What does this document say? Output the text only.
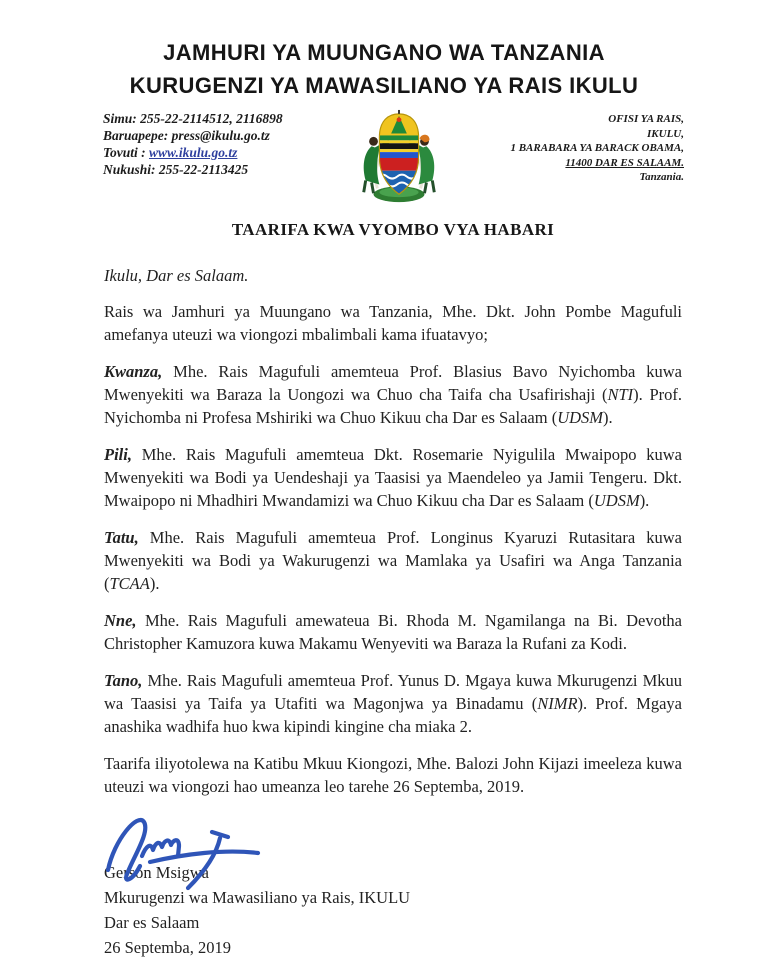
JAMHURI YA MUUNGANO WA TANZANIA
KURUGENZI YA MAWASILIANO YA RAIS IKULU
Simu: 255-22-2114512, 2116898
Baruapepe: press@ikulu.go.tz
Tovuti : www.ikulu.go.tz
Nukushi: 255-22-2113425
OFISI YA RAIS,
IKULU,
1 BARABARA YA BARACK OBAMA,
11400 DAR ES SALAAM.
Tanzania.
TAARIFA KWA VYOMBO VYA HABARI
Ikulu, Dar es Salaam.

Rais wa Jamhuri ya Muungano wa Tanzania, Mhe. Dkt. John Pombe Magufuli amefanya uteuzi wa viongozi mbalimbali kama ifuatavyo;

Kwanza, Mhe. Rais Magufuli amemteua Prof. Blasius Bavo Nyichomba kuwa Mwenyekiti wa Baraza la Uongozi wa Chuo cha Taifa cha Usafirishaji (NTI). Prof. Nyichomba ni Profesa Mshiriki wa Chuo Kikuu cha Dar es Salaam (UDSM).

Pili, Mhe. Rais Magufuli amemteua Dkt. Rosemarie Nyigulila Mwaipopo kuwa Mwenyekiti wa Bodi ya Uendeshaji ya Taasisi ya Maendeleo ya Jamii Tengeru. Dkt. Mwaipopo ni Mhadhiri Mwandamizi wa Chuo Kikuu cha Dar es Salaam (UDSM).

Tatu, Mhe. Rais Magufuli amemteua Prof. Longinus Kyaruzi Rutasitara kuwa Mwenyekiti wa Bodi ya Wakurugenzi wa Mamlaka ya Usafiri wa Anga Tanzania (TCAA).

Nne, Mhe. Rais Magufuli amewateua Bi. Rhoda M. Ngamilanga na Bi. Devotha Christopher Kamuzora kuwa Makamu Wenyeviti wa Baraza la Rufani za Kodi.

Tano, Mhe. Rais Magufuli amemteua Prof. Yunus D. Mgaya kuwa Mkurugenzi Mkuu wa Taasisi ya Taifa ya Utafiti wa Magonjwa ya Binadamu (NIMR). Prof. Mgaya anashika wadhifa huo kwa kipindi kingine cha miaka 2.

Taarifa iliyotolewa na Katibu Mkuu Kiongozi, Mhe. Balozi John Kijazi imeeleza kuwa uteuzi wa viongozi hao umeanza leo tarehe 26 Septemba, 2019.

Gerson Msigwa
Mkurugenzi wa Mawasiliano ya Rais, IKULU
Dar es Salaam
26 Septemba, 2019
